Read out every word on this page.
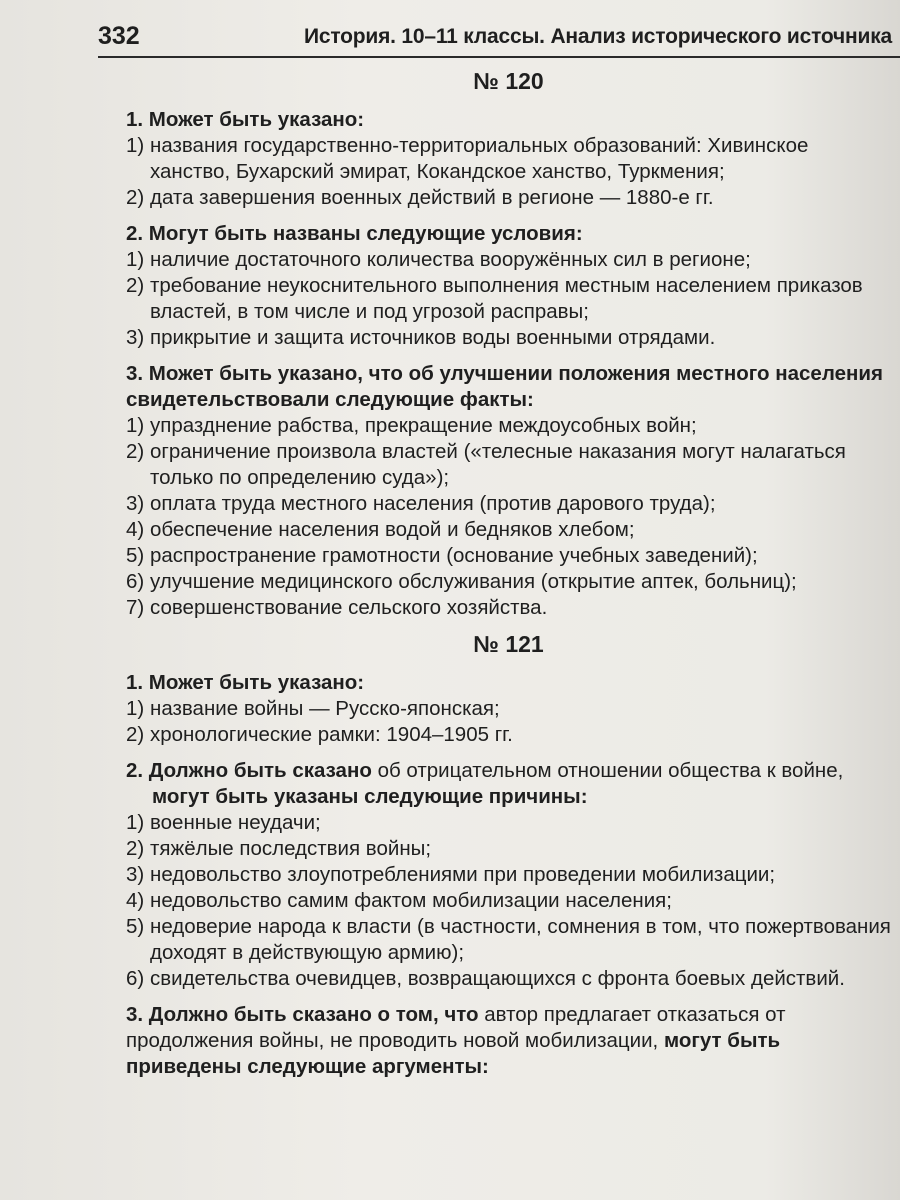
332	История. 10–11 классы. Анализ исторического источника
№ 120
1. Может быть указано:
1) названия государственно-территориальных образований: Хивинское ханство, Бухарский эмират, Кокандское ханство, Туркмения;
2) дата завершения военных действий в регионе — 1880-е гг.
2. Могут быть названы следующие условия:
1) наличие достаточного количества вооружённых сил в регионе;
2) требование неукоснительного выполнения местным населением приказов властей, в том числе и под угрозой расправы;
3) прикрытие и защита источников воды военными отрядами.
3. Может быть указано, что об улучшении положения местного населения свидетельствовали следующие факты:
1) упразднение рабства, прекращение междоусобных войн;
2) ограничение произвола властей («телесные наказания могут налагаться только по определению суда»);
3) оплата труда местного населения (против дарового труда);
4) обеспечение населения водой и бедняков хлебом;
5) распространение грамотности (основание учебных заведений);
6) улучшение медицинского обслуживания (открытие аптек, больниц);
7) совершенствование сельского хозяйства.
№ 121
1. Может быть указано:
1) название войны — Русско-японская;
2) хронологические рамки: 1904–1905 гг.
2. Должно быть сказано об отрицательном отношении общества к войне, могут быть указаны следующие причины:
1) военные неудачи;
2) тяжёлые последствия войны;
3) недовольство злоупотреблениями при проведении мобилизации;
4) недовольство самим фактом мобилизации населения;
5) недоверие народа к власти (в частности, сомнения в том, что пожертвования доходят в действующую армию);
6) свидетельства очевидцев, возвращающихся с фронта боевых действий.
3. Должно быть сказано о том, что автор предлагает отказаться от продолжения войны, не проводить новой мобилизации, могут быть приведены следующие аргументы:
